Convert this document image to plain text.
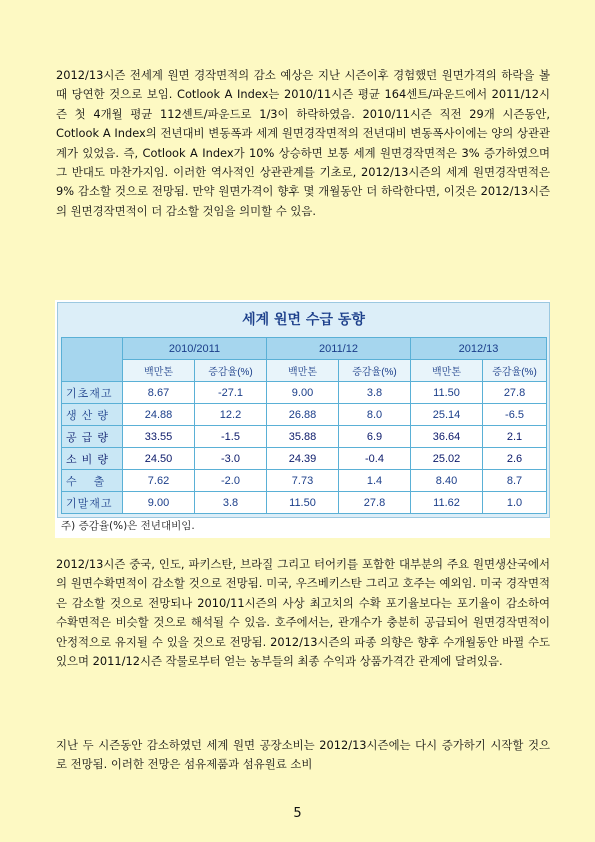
2012/13시즌 전세계 원면 경작면적의 감소 예상은 지난 시즌이후 경험했던 원면가격의 하락을 볼 때 당연한 것으로 보임. Cotlook A Index는 2010/11시즌 평균 164센트/파운드에서 2011/12시즌 첫 4개월 평균 112센트/파운드로 1/3이 하락하였음. 2010/11시즌 직전 29개 시즌동안, Cotlook A Index의 전년대비 변동폭과 세계 원면경작면적의 전년대비 변동폭사이에는 양의 상관관계가 있었음. 즉, Cotlook A Index가 10% 상승하면 보통 세계 원면경작면적은 3% 증가하였으며 그 반대도 마찬가지임. 이러한 역사적인 상관관계를 기초로, 2012/13시즌의 세계 원면경작면적은 9% 감소할 것으로 전망됨. 만약 원면가격이 향후 몇 개월동안 더 하락한다면, 이것은 2012/13시즌의 원면경작면적이 더 감소할 것임을 의미할 수 있음.

세계 원면 수급 동향
	2010/2011		2011/12		2012/13	
	백만톤	증감율(%)	백만톤	증감율(%)	백만톤	증감율(%)
기초재고	8.67	-27.1	9.00	3.8	11.50	27.8
생 산 량	24.88	12.2	26.88	8.0	25.14	-6.5
공 급 량	33.55	-1.5	35.88	6.9	36.64	2.1
소 비 량	24.50	-3.0	24.39	-0.4	25.02	2.6
수　 출	7.62	-2.0	7.73	1.4	8.40	8.7
기말재고	9.00	3.8	11.50	27.8	11.62	1.0
주) 증감율(%)은 전년대비임.

2012/13시즌 중국, 인도, 파키스탄, 브라질 그리고 터어키를 포함한 대부분의 주요 원면생산국에서의 원면수확면적이 감소할 것으로 전망됨. 미국, 우즈베키스탄 그리고 호주는 예외임. 미국 경작면적은 감소할 것으로 전망되나 2010/11시즌의 사상 최고치의 수확 포기율보다는 포기율이 감소하여 수확면적은 비슷할 것으로 해석될 수 있음. 호주에서는, 관개수가 충분히 공급되어 원면경작면적이 안정적으로 유지될 수 있을 것으로 전망됨. 2012/13시즌의 파종 의향은 향후 수개월동안 바뀔 수도 있으며 2011/12시즌 작물로부터 얻는 농부들의 최종 수익과 상품가격간 관계에 달려있음.

지난 두 시즌동안 감소하였던 세계 원면 공장소비는 2012/13시즌에는 다시 증가하기 시작할 것으로 전망됨. 이러한 전망은 섬유제품과 섬유원료 소비

5
